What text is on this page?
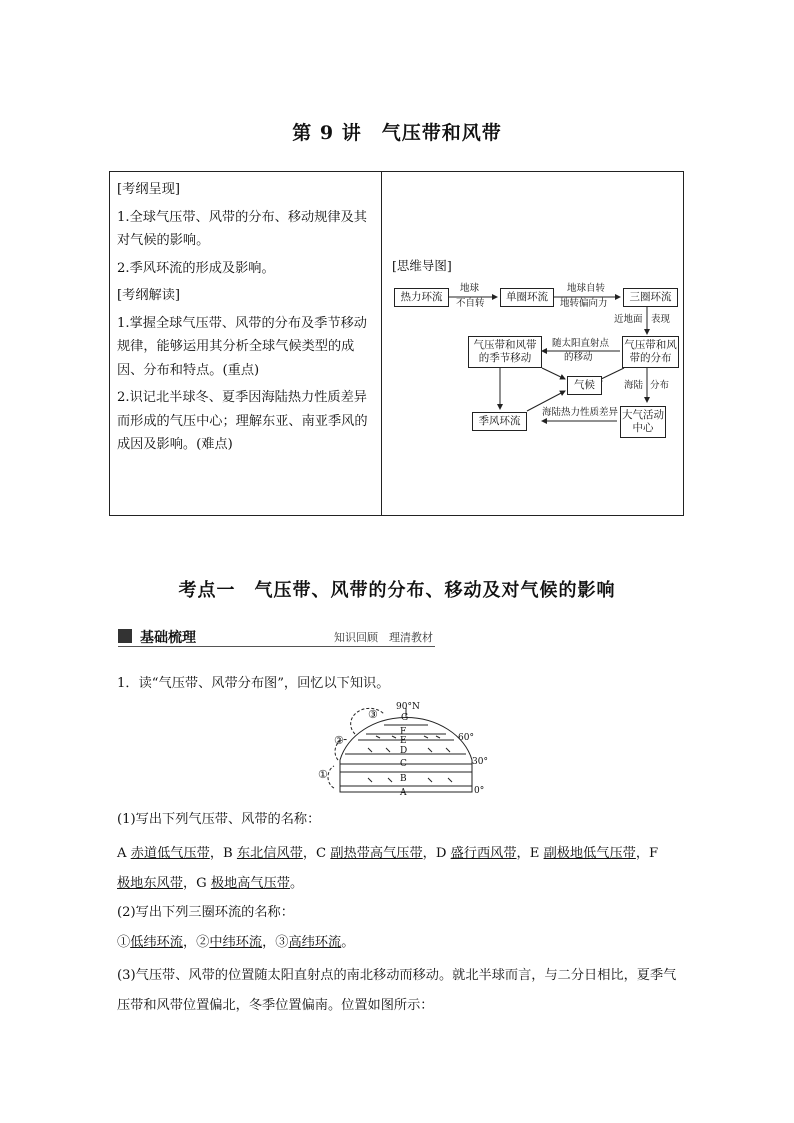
第 9 讲　气压带和风带

[考纲呈现]

1.全球气压带、风带的分布、移动规律及其对气候的影响。

2.季风环流的形成及影响。

[考纲解读]

1.掌握全球气压带、风带的分布及季节移动规律，能够运用其分析全球气候类型的成因、分布和特点。(重点)

2.识记北半球冬、夏季因海陆热力性质差异而形成的气压中心；理解东亚、南亚季风的成因及影响。(难点)

[思维导图]
热力环流	单圈环流	三圈环流
气压带和风带的季节移动
气压带和风带的分布
气候
季风环流	大气活动中心
地球
不自转
地球自转
地转偏向力
近地面 表现
随太阳直射点
的移动
海陆 分布
海陆热力性质差异
考点一　气压带、风带的分布、移动及对气候的影响
基础梳理	知识回顾　理清教材
1．读“气压带、风带分布图”，回忆以下知识。
A
B
C
D
E
F
G
90°N
60°
30°
0°
①
②
③
(1)写出下列气压带、风带的名称：
A 赤道低气压带，B 东北信风带，C 副热带高气压带，D 盛行西风带，E 副极地低气压带，F
极地东风带，G 极地高气压带。
(2)写出下列三圈环流的名称：
①低纬环流，②中纬环流，③高纬环流。
(3)气压带、风带的位置随太阳直射点的南北移动而移动。就北半球而言，与二分日相比，夏季气压带和风带位置偏北，冬季位置偏南。位置如图所示：
